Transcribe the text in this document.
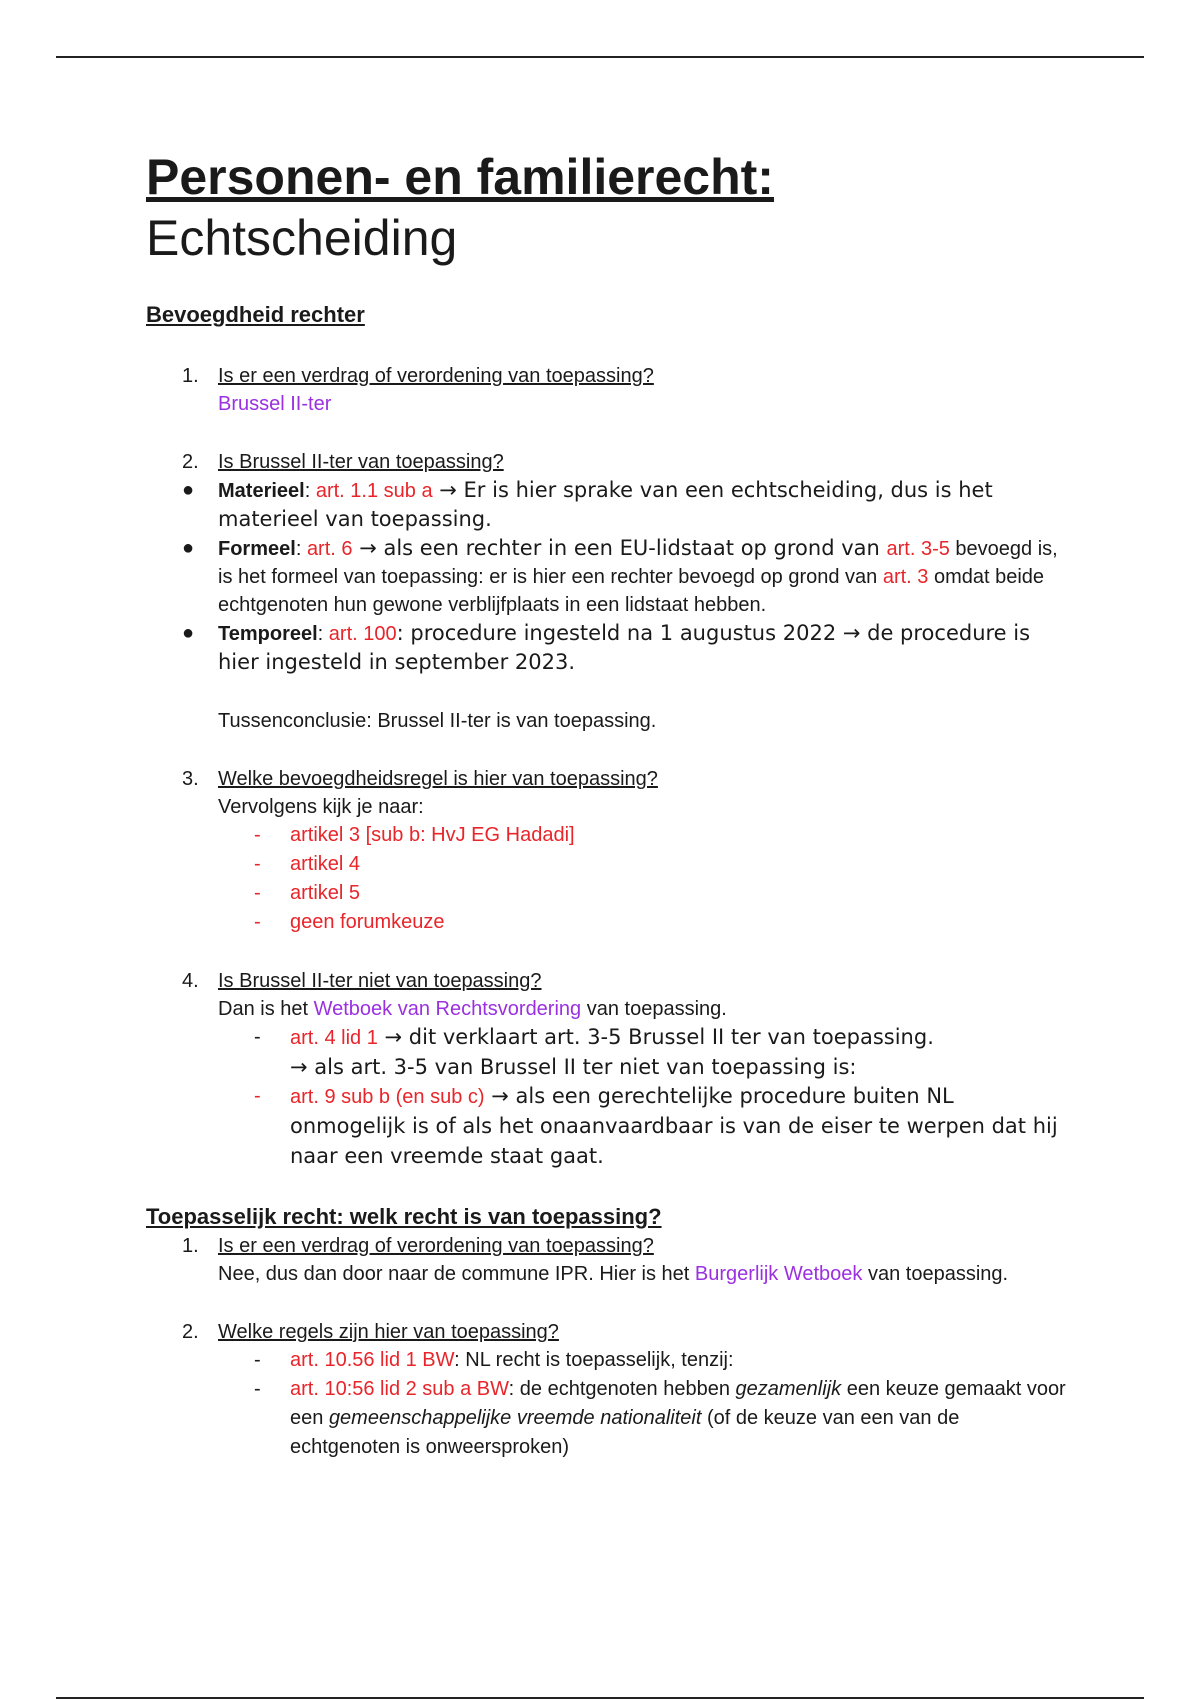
Personen- en familierecht:
Echtscheiding
Bevoegdheid rechter
1. Is er een verdrag of verordening van toepassing?
Brussel II-ter
2. Is Brussel II-ter van toepassing?
● Materieel: art. 1.1 sub a → Er is hier sprake van een echtscheiding, dus is het materieel van toepassing.
● Formeel: art. 6 → als een rechter in een EU-lidstaat op grond van art. 3-5 bevoegd is, is het formeel van toepassing: er is hier een rechter bevoegd op grond van art. 3 omdat beide echtgenoten hun gewone verblijfplaats in een lidstaat hebben.
● Temporeel: art. 100: procedure ingesteld na 1 augustus 2022 → de procedure is hier ingesteld in september 2023.
Tussenconclusie: Brussel II-ter is van toepassing.
3. Welke bevoegdheidsregel is hier van toepassing?
Vervolgens kijk je naar:
- artikel 3 [sub b: HvJ EG Hadadi]
- artikel 4
- artikel 5
- geen forumkeuze
4. Is Brussel II-ter niet van toepassing?
Dan is het Wetboek van Rechtsvordering van toepassing.
- art. 4 lid 1 → dit verklaart art. 3-5 Brussel II ter van toepassing.
→ als art. 3-5 van Brussel II ter niet van toepassing is:
- art. 9 sub b (en sub c) → als een gerechtelijke procedure buiten NL onmogelijk is of als het onaanvaardbaar is van de eiser te werpen dat hij naar een vreemde staat gaat.
Toepasselijk recht: welk recht is van toepassing?
1. Is er een verdrag of verordening van toepassing?
Nee, dus dan door naar de commune IPR. Hier is het Burgerlijk Wetboek van toepassing.
2. Welke regels zijn hier van toepassing?
- art. 10.56 lid 1 BW: NL recht is toepasselijk, tenzij:
- art. 10:56 lid 2 sub a BW: de echtgenoten hebben gezamenlijk een keuze gemaakt voor een gemeenschappelijke vreemde nationaliteit (of de keuze van een van de echtgenoten is onweersproken)
